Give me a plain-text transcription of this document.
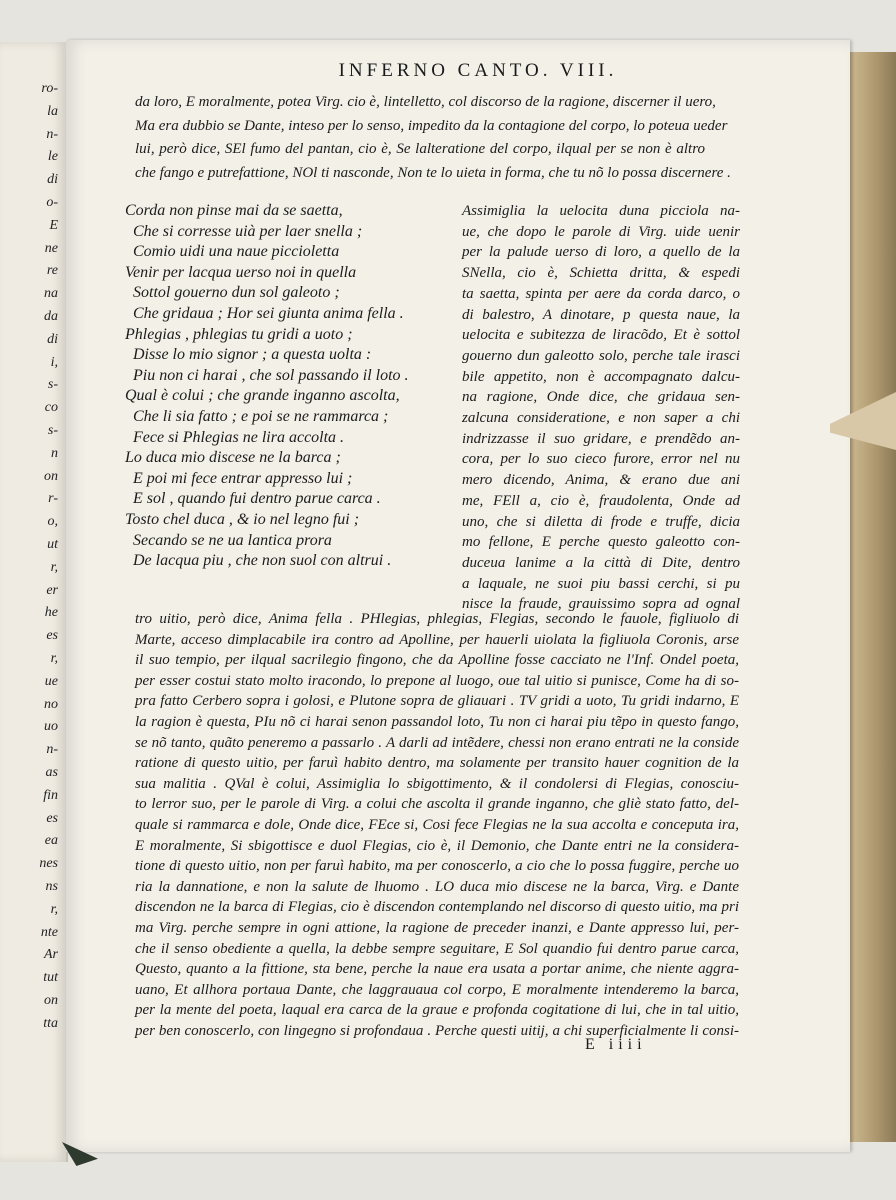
ro-
la
n-
le
di
o-
E
ne
re
na
da
di
i,
s-
co
s-
n
on
r-
o,
ut
r,
er
he
es
r,
ue
no
uo
n-
as
fin
es
ea
nes
ns
r,
nte
Ar
tut
on
tta
INFERNO CANTO. VIII.
da loro, E moralmente, potea Virg. cio è, lintelletto, col discorso de la ragione, discerner il uero,
Ma era dubbio se Dante, inteso per lo senso, impedito da la contagione del corpo, lo poteua ueder
lui, però dice, SEl fumo del pantan, cio è, Se lalteratione del corpo, ilqual per se non è altro
che fango e putrefattione, NOl ti nasconde, Non te lo uieta in forma, che tu nõ lo possa discernere .
Corda non pinse mai da se saetta,
Che si corresse uià per laer snella ;
Comio uidi una naue piccioletta
Venir per lacqua uerso noi in quella
Sottol gouerno dun sol galeoto ;
Che gridaua ; Hor sei giunta anima fella .
Phlegias , phlegias tu gridi a uoto ;
Disse lo mio signor ; a questa uolta :
Piu non ci harai , che sol passando il loto .
Qual è colui ; che grande inganno ascolta,
Che li sia fatto ; e poi se ne rammarca ;
Fece si Phlegias ne lira accolta .
Lo duca mio discese ne la barca ;
E poi mi fece entrar appresso lui ;
E sol , quando fui dentro parue carca .
Tosto chel duca , & io nel legno fui ;
Secando se ne ua lantica prora
De lacqua piu , che non suol con altrui .
Assimiglia la uelocita duna picciola na-
ue, che dopo le parole di Virg. uide uenir
per la palude uerso di loro, a quello de la
SNella, cio è, Schietta dritta, & espedi
ta saetta, spinta per aere da corda darco, o
di balestro, A dinotare, p questa naue, la
uelocita e subitezza de liracõdo, Et è sottol
gouerno dun galeotto solo, perche tale irasci
bile appetito, non è accompagnato dalcu-
na ragione, Onde dice, che gridaua sen-
zalcuna consideratione, e non saper a chi
indrizzasse il suo gridare, e prendẽdo an-
cora, per lo suo cieco furore, error nel nu
mero dicendo, Anima, & erano due ani
me, FEll a, cio è, fraudolenta, Onde ad
uno, che si diletta di frode e truffe, dicia
mo fellone, E perche questo galeotto con-
duceua lanime a la città di Dite, dentro
a laquale, ne suoi piu bassi cerchi, si pu
nisce la fraude, grauissimo sopra ad ognal
tro uitio, però dice, Anima fella . PHlegias, phlegias, Flegias, secondo le fauole, figliuolo di
Marte, acceso dimplacabile ira contro ad Apolline, per hauerli uiolata la figliuola Coronis, arse
il suo tempio, per ilqual sacrilegio fingono, che da Apolline fosse cacciato ne l'Inf. Ondel poeta,
per esser costui stato molto iracondo, lo prepone al luogo, oue tal uitio si punisce, Come ha di so-
pra fatto Cerbero sopra i golosi, e Plutone sopra de gliauari . TV gridi a uoto, Tu gridi indarno, E
la ragion è questa, PIu nõ ci harai senon passandol loto, Tu non ci harai piu tẽpo in questo fango,
se nõ tanto, quãto peneremo a passarlo . A darli ad intẽdere, chessi non erano entrati ne la conside
ratione di questo uitio, per faruì habito dentro, ma solamente per transito hauer cognition de la
sua malitia . QVal è colui, Assimiglia lo sbigottimento, & il condolersi di Flegias, conosciu-
to lerror suo, per le parole di Virg. a colui che ascolta il grande inganno, che gliè stato fatto, del-
quale si rammarca e dole, Onde dice, FEce si, Cosi fece Flegias ne la sua accolta e conceputa ira,
E moralmente, Si sbigottisce e duol Flegias, cio è, il Demonio, che Dante entri ne la considera-
tione di questo uitio, non per faruì habito, ma per conoscerlo, a cio che lo possa fuggire, perche uo
ria la dannatione, e non la salute de lhuomo . LO duca mio discese ne la barca, Virg. e Dante
discendon ne la barca di Flegias, cio è discendon contemplando nel discorso di questo uitio, ma pri
ma Virg. perche sempre in ogni attione, la ragione de preceder inanzi, e Dante appresso lui, per-
che il senso obediente a quella, la debbe sempre seguitare, E Sol quandio fui dentro parue carca,
Questo, quanto a la fittione, sta bene, perche la naue era usata a portar anime, che niente aggra-
uano, Et allhora portaua Dante, che laggrauaua col corpo, E moralmente intenderemo la barca,
per la mente del poeta, laqual era carca de la graue e profonda cogitatione di lui, che in tal uitio,
per ben conoscerlo, con lingegno si profondaua . Perche questi uitij, a chi superficialmente li consi-
E iiii
